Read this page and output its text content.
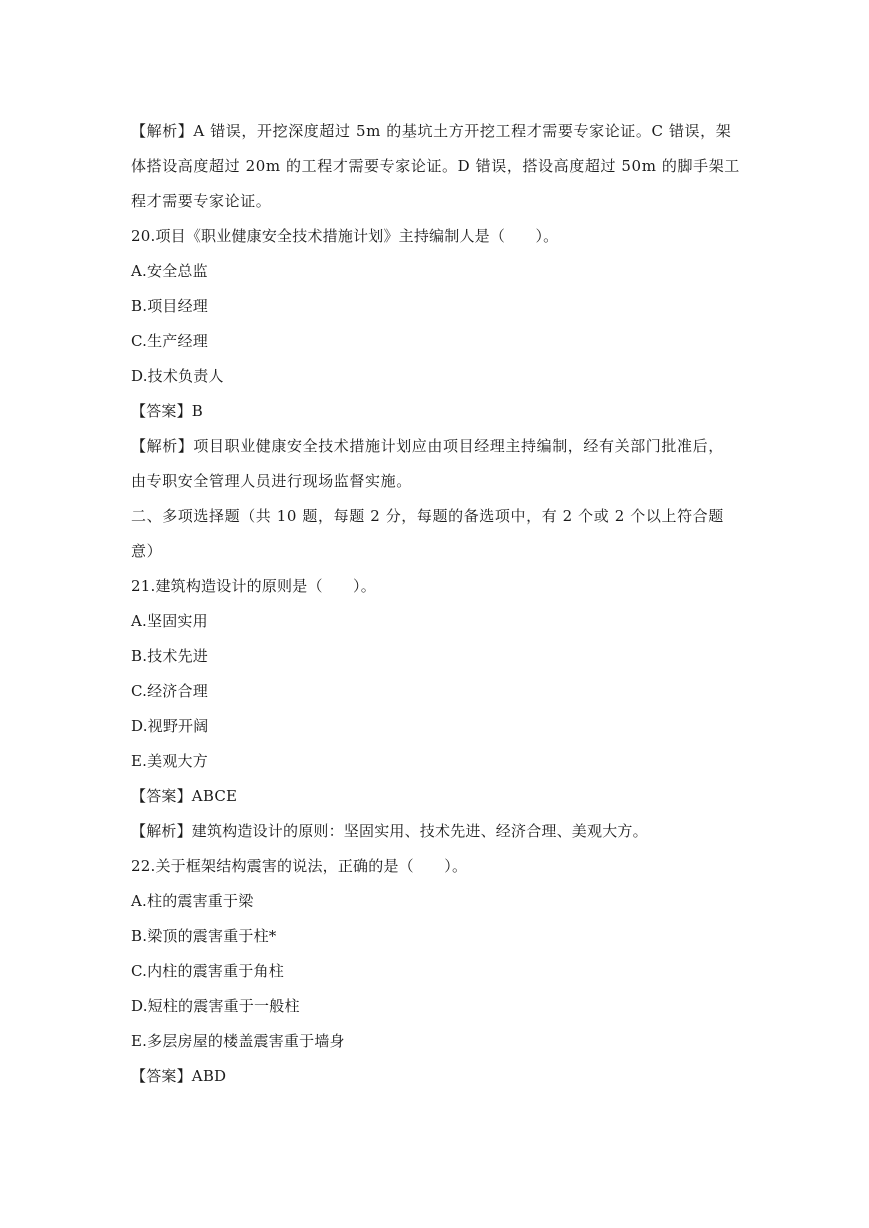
【解析】A 错误，开挖深度超过 5m 的基坑土方开挖工程才需要专家论证。C 错误，架
体搭设高度超过 20m 的工程才需要专家论证。D 错误，搭设高度超过 50m 的脚手架工
程才需要专家论证。
20.项目《职业健康安全技术措施计划》主持编制人是（　　）。
A.安全总监
B.项目经理
C.生产经理
D.技术负责人
【答案】B
【解析】项目职业健康安全技术措施计划应由项目经理主持编制，经有关部门批准后，
由专职安全管理人员进行现场监督实施。
二、多项选择题（共 10 题，每题 2 分，每题的备选项中，有 2 个或 2 个以上符合题
意）
21.建筑构造设计的原则是（　　）。
A.坚固实用
B.技术先进
C.经济合理
D.视野开阔
E.美观大方
【答案】ABCE
【解析】建筑构造设计的原则：坚固实用、技术先进、经济合理、美观大方。
22.关于框架结构震害的说法，正确的是（　　）。
A.柱的震害重于梁
B.梁顶的震害重于柱*
C.内柱的震害重于角柱
D.短柱的震害重于一般柱
E.多层房屋的楼盖震害重于墙身
【答案】ABD
